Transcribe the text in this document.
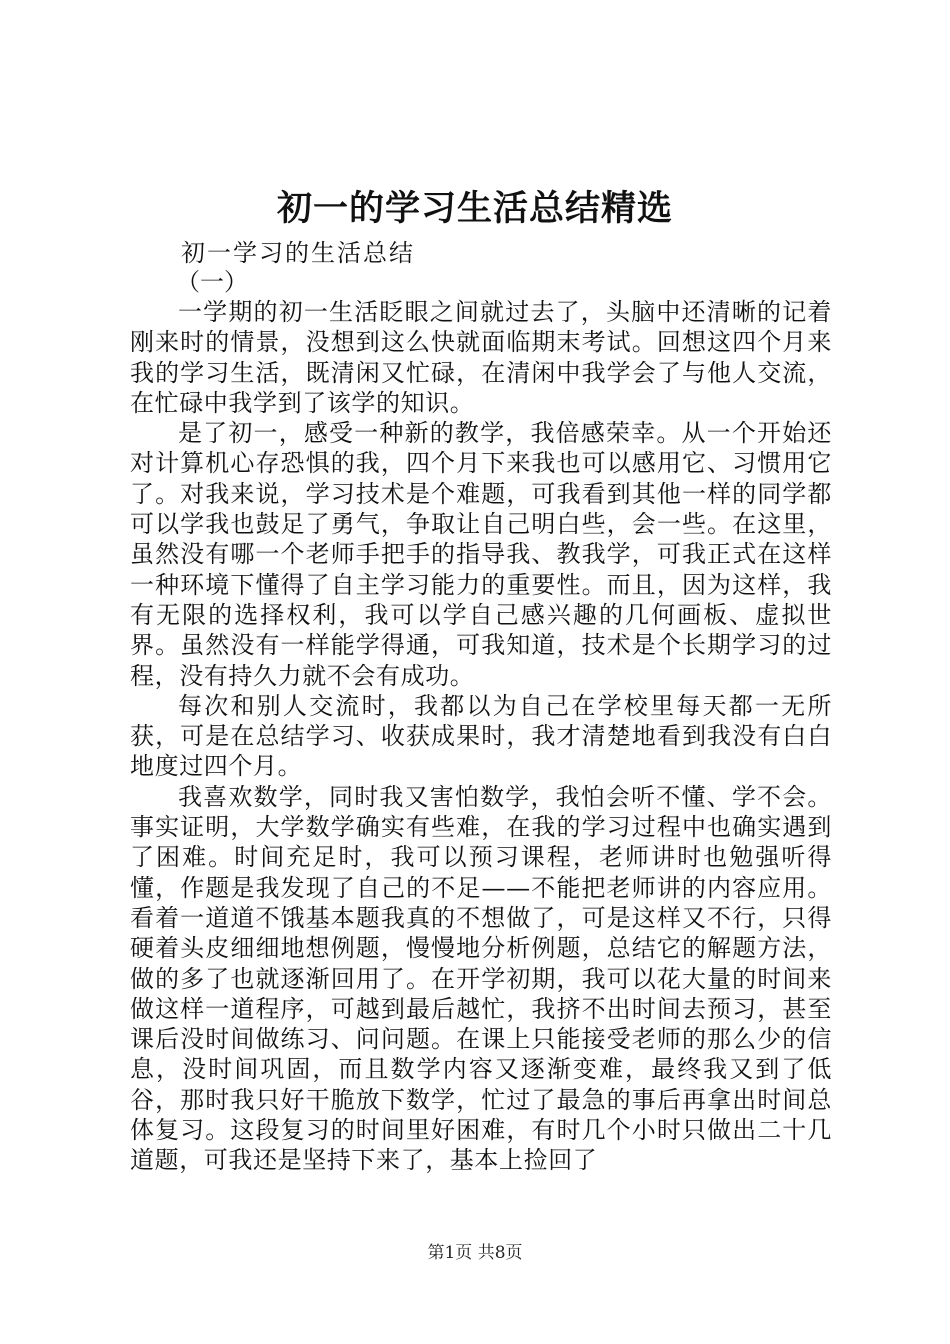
初一的学习生活总结精选
初一学习的生活总结
（一）

一学期的初一生活眨眼之间就过去了，头脑中还清晰的记着刚来时的情景，没想到这么快就面临期末考试。回想这四个月来我的学习生活，既清闲又忙碌，在清闲中我学会了与他人交流，在忙碌中我学到了该学的知识。

是了初一，感受一种新的教学，我倍感荣幸。从一个开始还对计算机心存恐惧的我，四个月下来我也可以感用它、习惯用它了。对我来说，学习技术是个难题，可我看到其他一样的同学都可以学我也鼓足了勇气，争取让自己明白些，会一些。在这里，虽然没有哪一个老师手把手的指导我、教我学，可我正式在这样一种环境下懂得了自主学习能力的重要性。而且，因为这样，我有无限的选择权利，我可以学自己感兴趣的几何画板、虚拟世界。虽然没有一样能学得通，可我知道，技术是个长期学习的过程，没有持久力就不会有成功。

每次和别人交流时，我都以为自己在学校里每天都一无所获，可是在总结学习、收获成果时，我才清楚地看到我没有白白地度过四个月。

我喜欢数学，同时我又害怕数学，我怕会听不懂、学不会。事实证明，大学数学确实有些难，在我的学习过程中也确实遇到了困难。时间充足时，我可以预习课程，老师讲时也勉强听得懂，作题是我发现了自己的不足——不能把老师讲的内容应用。看着一道道不饿基本题我真的不想做了，可是这样又不行，只得硬着头皮细细地想例题，慢慢地分析例题，总结它的解题方法，做的多了也就逐渐回用了。在开学初期，我可以花大量的时间来做这样一道程序，可越到最后越忙，我挤不出时间去预习，甚至课后没时间做练习、问问题。在课上只能接受老师的那么少的信息，没时间巩固，而且数学内容又逐渐变难，最终我又到了低谷，那时我只好干脆放下数学，忙过了最急的事后再拿出时间总体复习。这段复习的时间里好困难，有时几个小时只做出二十几道题，可我还是坚持下来了，基本上捡回了

第1页 共8页
